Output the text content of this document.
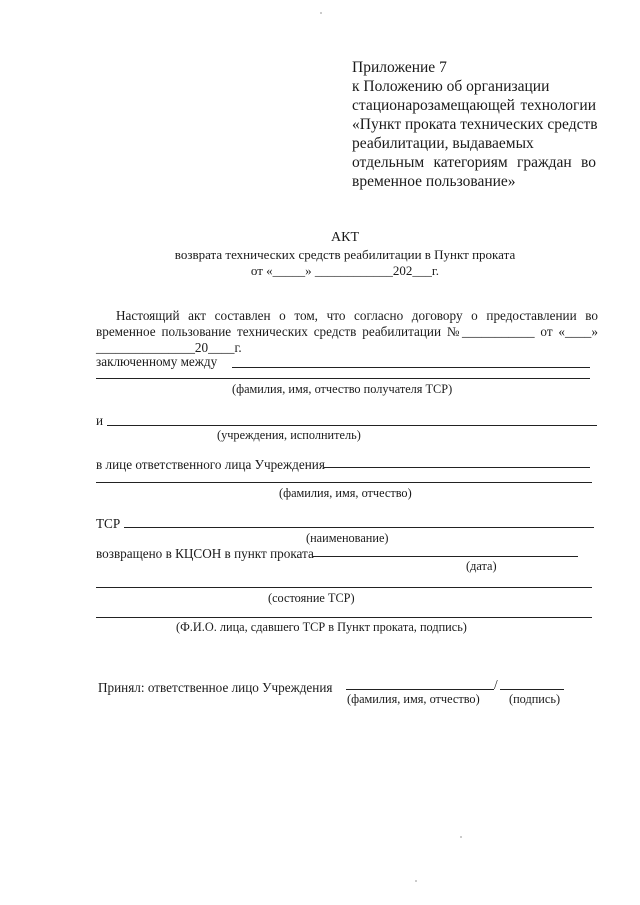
Приложение 7
к Положению об организации
стационарозамещающей технологии
«Пункт проката технических средств
реабилитации, выдаваемых
отдельным категориям граждан во
временное пользование»
АКТ
возврата технических средств реабилитации в Пункт проката
от «_____» ____________202___г.
Настоящий акт составлен о том, что согласно договору о предоставлении во
временное пользование технических средств реабилитации №___________ от «____»
_______________20____г.
заключенному между
(фамилия, имя, отчество получателя ТСР)
и
(учреждения, исполнитель)
в лице ответственного лица Учреждения
(фамилия, имя, отчество)
ТСР
(наименование)
возвращено в КЦСОН в пункт проката
(дата)
(состояние ТСР)
(Ф.И.О. лица, сдавшего ТСР в Пункт проката, подпись)
Принял: ответственное лицо Учреждения	/
(фамилия, имя, отчество) (подпись)
